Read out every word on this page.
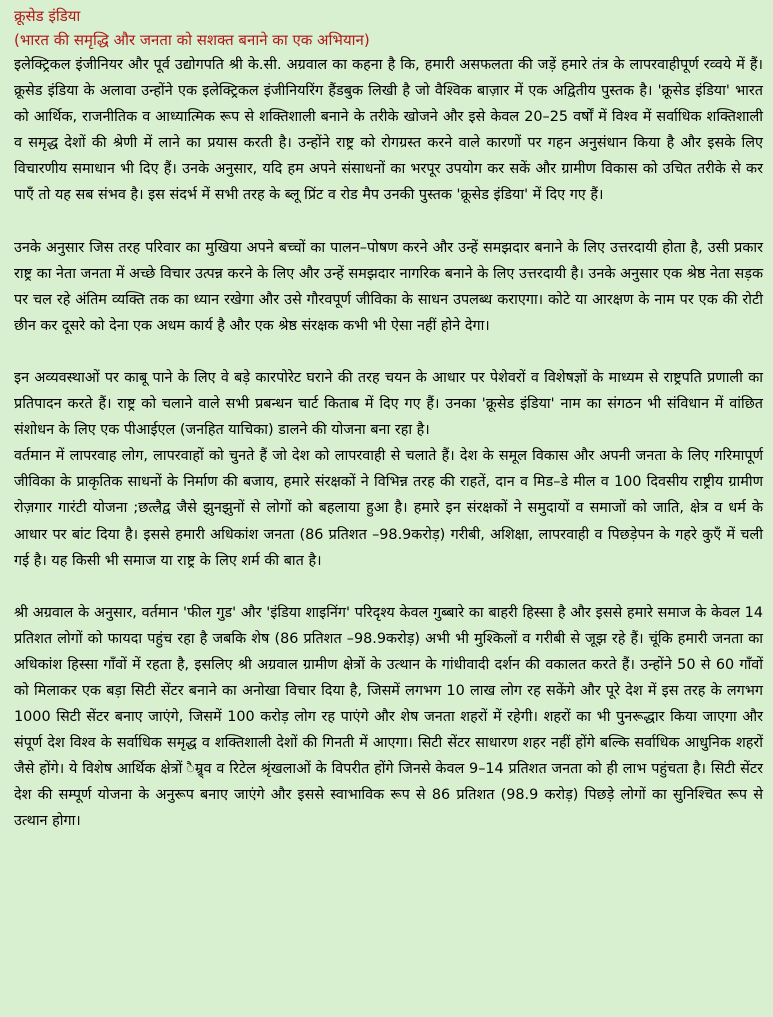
क्रूसेड इंडिया
(भारत की समृद्धि और जनता को सशक्त बनाने का एक अभियान)

इलेक्ट्रिकल इंजीनियर और पूर्व उद्योगपति श्री के.सी. अग्रवाल का कहना है कि, हमारी असफलता की जड़ें हमारे तंत्र के लापरवाहीपूर्ण रव्वये में हैं। क्रूसेड इंडिया के अलावा उन्होंने एक इलेक्ट्रिकल इंजीनियरिंग हैंडबुक लिखी है जो वैश्विक बाज़ार में एक अद्वितीय पुस्तक है। 'क्रूसेड इंडिया' भारत को आर्थिक, राजनीतिक व आध्यात्मिक रूप से शक्तिशाली बनाने के तरीके खोजने और इसे केवल 20–25 वर्षों में विश्व में सर्वाधिक शक्तिशाली व समृद्ध देशों की श्रेणी में लाने का प्रयास करती है। उन्होंने राष्ट्र को रोगग्रस्त करने वाले कारणों पर गहन अनुसंधान किया है और इसके लिए विचारणीय समाधान भी दिए हैं। उनके अनुसार, यदि हम अपने संसाधनों का भरपूर उपयोग कर सकें और ग्रामीण विकास को उचित तरीके से कर पाएँ तो यह सब संभव है। इस संदर्भ में सभी तरह के ब्लू प्रिंट व रोड मैप उनकी पुस्तक 'क्रूसेड इंडिया' में दिए गए हैं।

उनके अनुसार जिस तरह परिवार का मुखिया अपने बच्चों का पालन–पोषण करने और उन्हें समझदार बनाने के लिए उत्तरदायी होता है, उसी प्रकार राष्ट्र का नेता जनता में अच्छे विचार उत्पन्न करने के लिए और उन्हें समझदार नागरिक बनाने के लिए उत्तरदायी है। उनके अनुसार एक श्रेष्ठ नेता सड़क पर चल रहे अंतिम व्यक्ति तक का ध्यान रखेगा और उसे गौरवपूर्ण जीविका के साधन उपलब्ध कराएगा। कोटे या आरक्षण के नाम पर एक की रोटी छीन कर दूसरे को देना एक अधम कार्य है और एक श्रेष्ठ संरक्षक कभी भी ऐसा नहीं होने देगा।

इन अव्यवस्थाओं पर काबू पाने के लिए वे बड़े कारपोरेट घराने की तरह चयन के आधार पर पेशेवरों व विशेषज्ञों के माध्यम से राष्ट्रपति प्रणाली का प्रतिपादन करते हैं। राष्ट्र को चलाने वाले सभी प्रबन्धन चार्ट किताब में दिए गए हैं। उनका 'क्रूसेड इंडिया' नाम का संगठन भी संविधान में वांछित संशोधन के लिए एक पीआईएल (जनहित याचिका) डालने की योजना बना रहा है।

वर्तमान में लापरवाह लोग, लापरवाहों को चुनते हैं जो देश को लापरवाही से चलाते हैं। देश के समूल विकास और अपनी जनता के लिए गरिमापूर्ण जीविका के प्राकृतिक साधनों के निर्माण की बजाय, हमारे संरक्षकों ने विभिन्न तरह की राहतें, दान व मिड–डे मील व 100 दिवसीय राष्ट्रीय ग्रामीण रोज़गार गारंटी योजना ;छत्लैद्व जैसे झुनझुनों से लोगों को बहलाया हुआ है। हमारे इन संरक्षकों ने समुदायों व समाजों को जाति, क्षेत्र व धर्म के आधार पर बांट दिया है। इससे हमारी अधिकांश जनता (86 प्रतिशत –98.9करोड़) गरीबी, अशिक्षा, लापरवाही व पिछड़ेपन के गहरे कुएँ में चली गई है। यह किसी भी समाज या राष्ट्र के लिए शर्म की बात है।

श्री अग्रवाल के अनुसार, वर्तमान 'फील गुड' और 'इंडिया शाइनिंग' परिदृश्य केवल गुब्बारे का बाहरी हिस्सा है और इससे हमारे समाज के केवल 14 प्रतिशत लोगों को फायदा पहुंच रहा है जबकि शेष (86 प्रतिशत –98.9करोड़) अभी भी मुश्किलों व गरीबी से जूझ रहे हैं। चूंकि हमारी जनता का अधिकांश हिस्सा गाँवों में रहता है, इसलिए श्री अग्रवाल ग्रामीण क्षेत्रों के उत्थान के गांधीवादी दर्शन की वकालत करते हैं। उन्होंने 50 से 60 गाँवों को मिलाकर एक बड़ा सिटी सेंटर बनाने का अनोखा विचार दिया है, जिसमें लगभग 10 लाख लोग रह सकेंगे और पूरे देश में इस तरह के लगभग 1000 सिटी सेंटर बनाए जाएंगे, जिसमें 100 करोड़ लोग रह पाएंगे और शेष जनता शहरों में रहेगी। शहरों का भी पुनरूद्धार किया जाएगा और संपूर्ण देश विश्व के सर्वाधिक समृद्ध व शक्तिशाली देशों की गिनती में आएगा। सिटी सेंटर साधारण शहर नहीं होंगे बल्कि सर्वाधिक आधुनिक शहरों जैसे होंगे। ये विशेष आर्थिक क्षेत्रों ैम्र्र्व व रिटेल श्रृंखलाओं के विपरीत होंगे जिनसे केवल 9–14 प्रतिशत जनता को ही लाभ पहुंचता है। सिटी सेंटर देश की सम्पूर्ण योजना के अनुरूप बनाए जाएंगे और इससे स्वाभाविक रूप से 86 प्रतिशत (98.9 करोड़) पिछड़े लोगों का सुनिश्चित रूप से उत्थान होगा।
